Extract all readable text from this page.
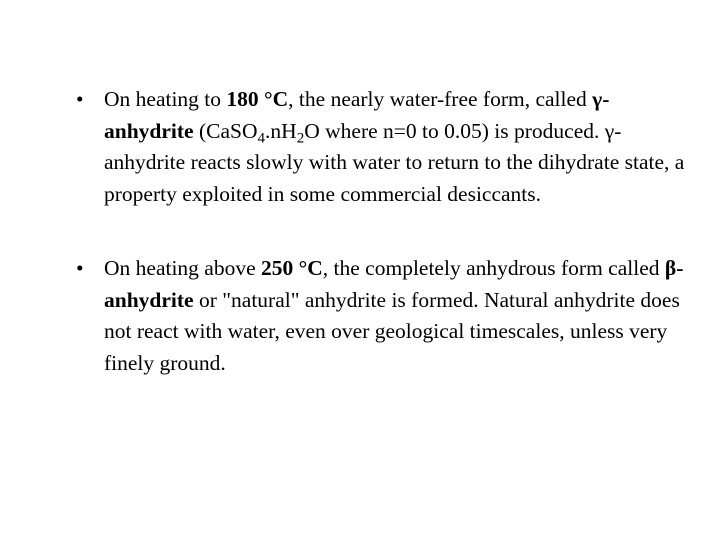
• On heating to 180 °C, the nearly water-free form, called γ-anhydrite ($CaSO_4.nH_2O$ where n=0 to 0.05) is produced. γ-anhydrite reacts slowly with water to return to the dihydrate state, a property exploited in some commercial desiccants.
• On heating above 250 °C, the completely anhydrous form called β-anhydrite or "natural" anhydrite is formed. Natural anhydrite does not react with water, even over geological timescales, unless very finely ground.
